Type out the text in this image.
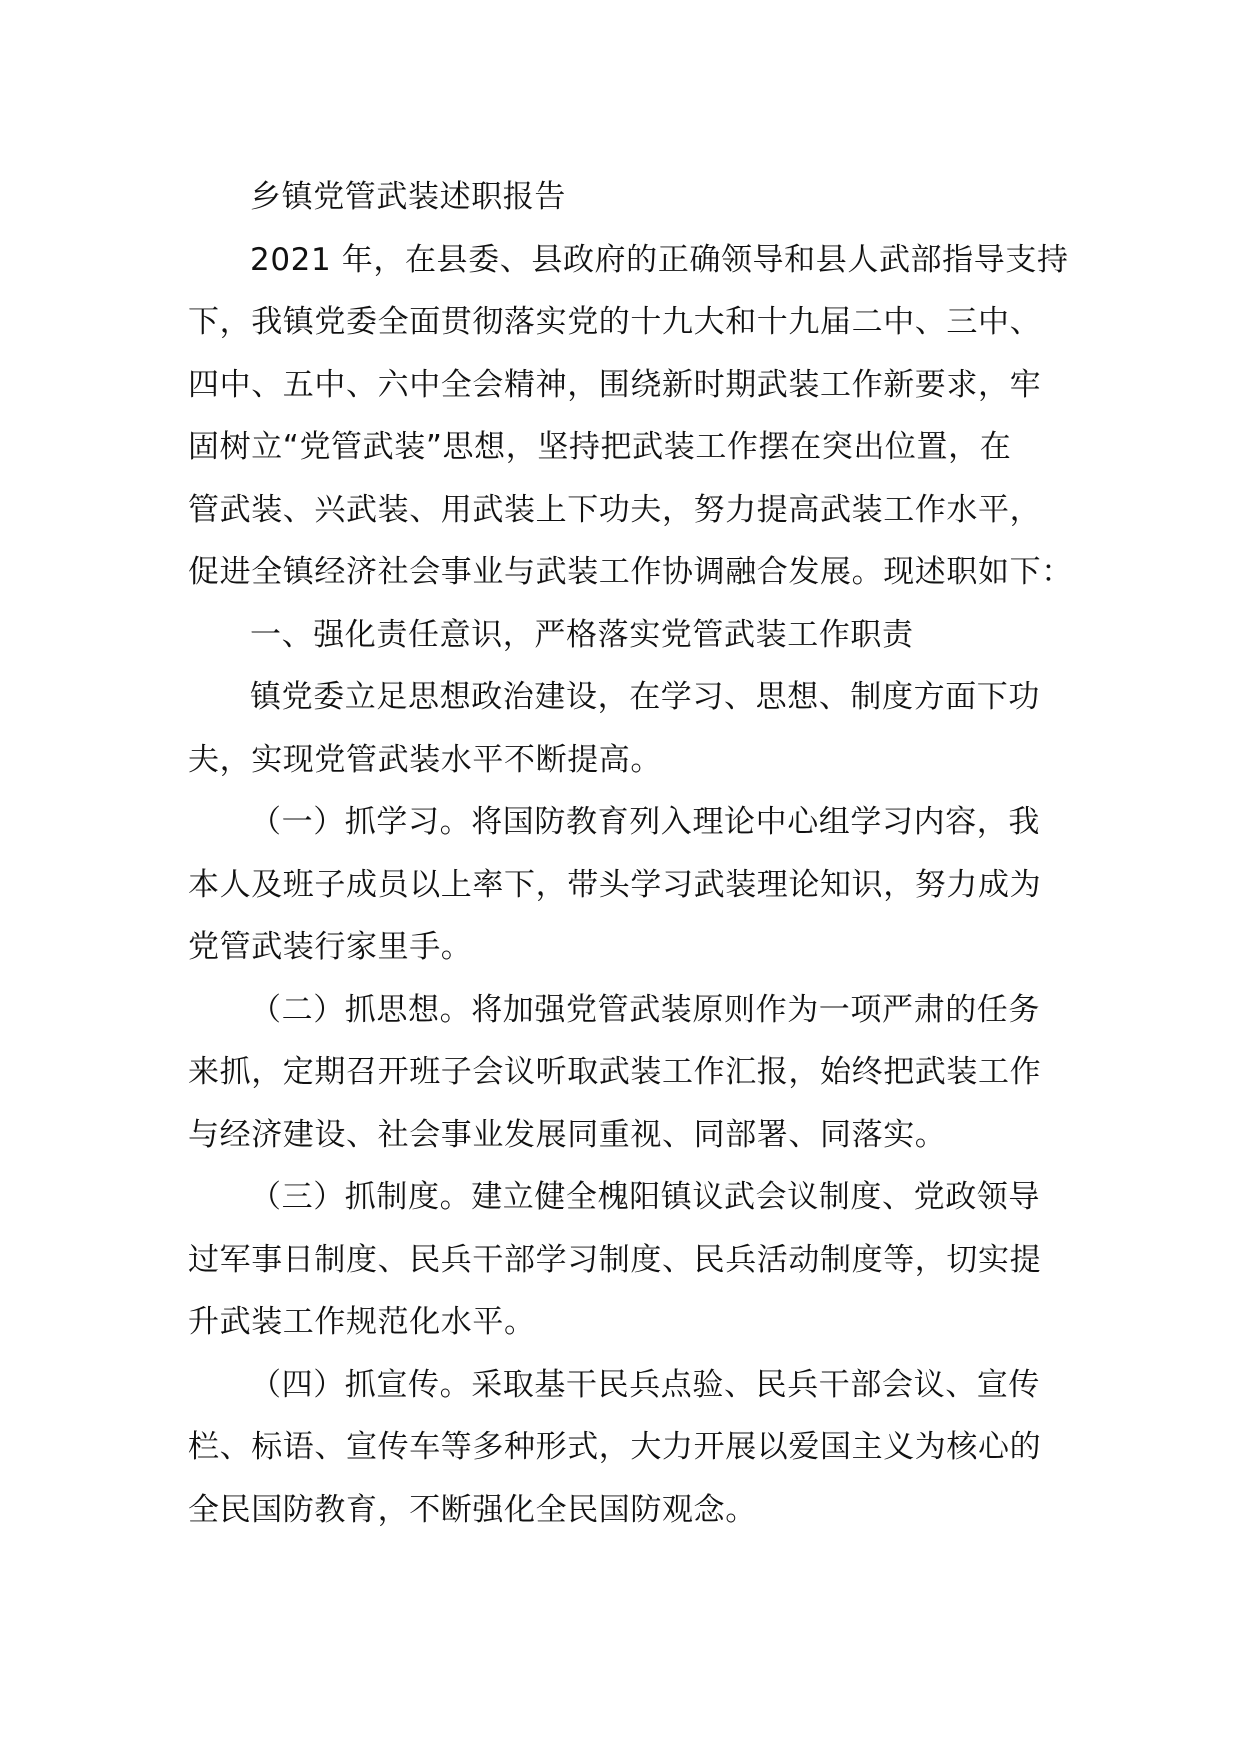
乡镇党管武装述职报告
2021 年，在县委、县政府的正确领导和县人武部指导支持
下，我镇党委全面贯彻落实党的十九大和十九届二中、三中、
四中、五中、六中全会精神，围绕新时期武装工作新要求，牢
固树立“党管武装”思想，坚持把武装工作摆在突出位置，在
管武装、兴武装、用武装上下功夫，努力提高武装工作水平，
促进全镇经济社会事业与武装工作协调融合发展。现述职如下：
一、强化责任意识，严格落实党管武装工作职责
镇党委立足思想政治建设，在学习、思想、制度方面下功
夫，实现党管武装水平不断提高。
（一）抓学习。将国防教育列入理论中心组学习内容，我
本人及班子成员以上率下，带头学习武装理论知识，努力成为
党管武装行家里手。
（二）抓思想。将加强党管武装原则作为一项严肃的任务
来抓，定期召开班子会议听取武装工作汇报，始终把武装工作
与经济建设、社会事业发展同重视、同部署、同落实。
（三）抓制度。建立健全槐阳镇议武会议制度、党政领导
过军事日制度、民兵干部学习制度、民兵活动制度等，切实提
升武装工作规范化水平。
（四）抓宣传。采取基干民兵点验、民兵干部会议、宣传
栏、标语、宣传车等多种形式，大力开展以爱国主义为核心的
全民国防教育，不断强化全民国防观念。
